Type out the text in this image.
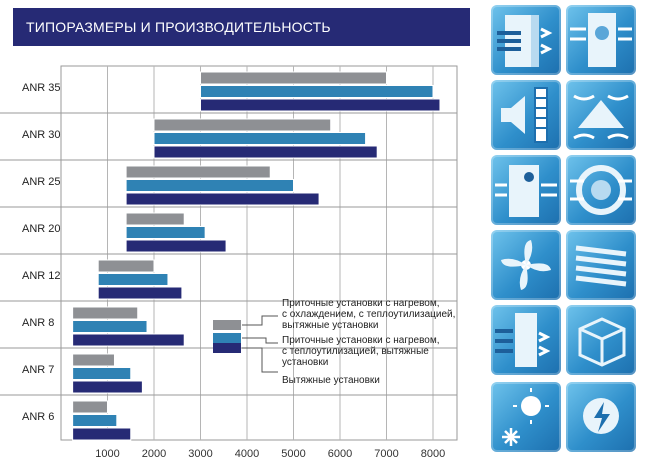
ТИПОРАЗМЕРЫ И ПРОИЗВОДИТЕЛЬНОСТЬ
1000 2000 3000 4000 5000 6000 7000 8000
ANR 35
ANR 30
ANR 25
ANR 20
ANR 12
ANR 8
ANR 7
ANR 6
Приточные установки с нагревом, с охлаждением, с теплоутилизацией, вытяжные установки
Приточные установки с нагревом, с теплоутилизацией, вытяжные установки
Вытяжные установки
